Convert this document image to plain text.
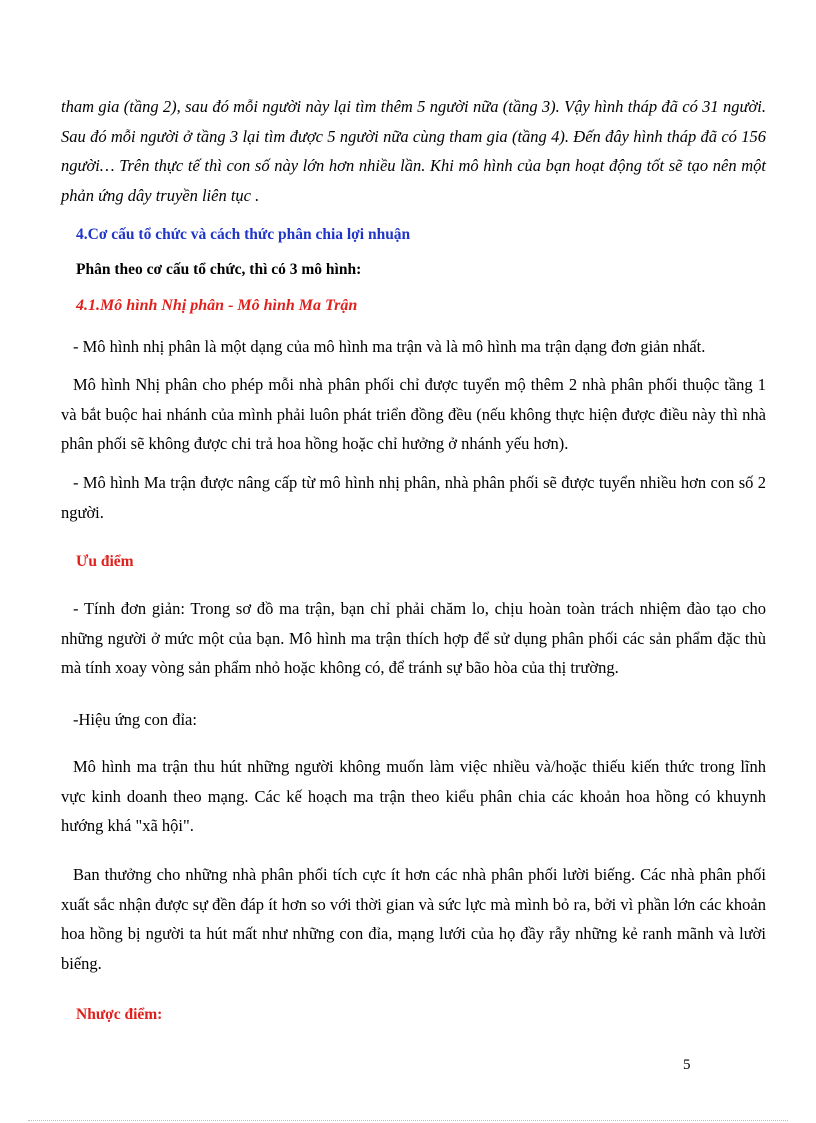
tham gia (tầng 2), sau đó mỗi người này lại tìm thêm 5 người nữa (tầng 3). Vậy hình tháp đã có 31 người. Sau đó mỗi người ở tầng 3 lại tìm được 5 người nữa cùng tham gia (tầng 4). Đến đây hình tháp đã có 156 người… Trên thực tế thì con số này lớn hơn nhiều lần. Khi mô hình của bạn hoạt động tốt sẽ tạo nên một phản ứng dây truyền liên tục .

4.Cơ cấu tổ chức và cách thức phân chia lợi nhuận

Phân theo cơ cấu tổ chức, thì có 3 mô hình:

4.1.Mô hình Nhị phân - Mô hình Ma Trận

- Mô hình nhị phân là một dạng của mô hình ma trận và là mô hình ma trận dạng đơn giản nhất.

Mô hình Nhị phân cho phép mỗi nhà phân phối chỉ được tuyển mộ thêm 2 nhà phân phối thuộc tầng 1 và bắt buộc hai nhánh của mình phải luôn phát triển đồng đều (nếu không thực hiện được điều này thì nhà phân phối sẽ không được chi trả hoa hồng hoặc chỉ hưởng ở nhánh yếu hơn).

- Mô hình Ma trận được nâng cấp từ mô hình nhị phân, nhà phân phối sẽ được tuyển nhiều hơn con số 2 người.

Ưu điểm

- Tính đơn giản: Trong sơ đồ ma trận, bạn chỉ phải chăm lo, chịu hoàn toàn trách nhiệm đào tạo cho những người ở mức một của bạn. Mô hình ma trận thích hợp để sử dụng phân phối các sản phẩm đặc thù mà tính xoay vòng sản phẩm nhỏ hoặc không có, để tránh sự bão hòa của thị trường.

-Hiệu ứng con đỉa:

Mô hình ma trận thu hút những người không muốn làm việc nhiều và/hoặc thiếu kiến thức trong lĩnh vực kinh doanh theo mạng. Các kế hoạch ma trận theo kiểu phân chia các khoản hoa hồng có khuynh hướng khá "xã hội".

Ban thưởng cho những nhà phân phối tích cực ít hơn các nhà phân phối lười biếng. Các nhà phân phối xuất sắc nhận được sự đền đáp ít hơn so với thời gian và sức lực mà mình bỏ ra, bởi vì phần lớn các khoản hoa hồng bị người ta hút mất như những con đỉa, mạng lưới của họ đầy rẫy những kẻ ranh mãnh và lười biếng.

Nhược điểm:

5
